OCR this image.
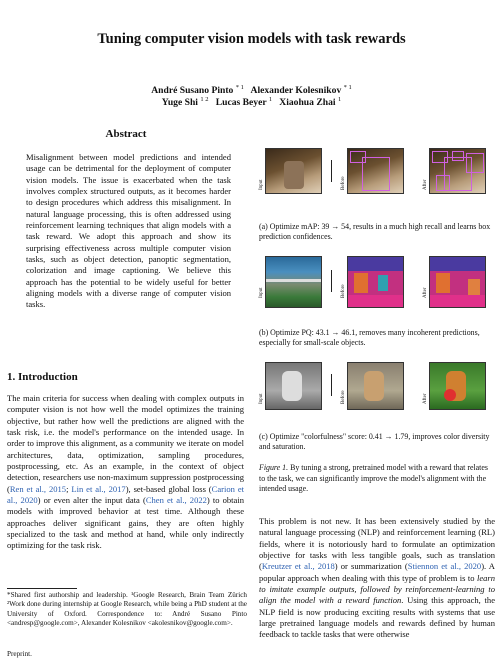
Tuning computer vision models with task rewards
André Susano Pinto $^{* 1}$ Alexander Kolesnikov $^{* 1}$
Yuge Shi $^{1 2}$ Lucas Beyer $^1$ Xiaohua Zhai $^1$
Abstract
Misalignment between model predictions and intended usage can be detrimental for the deployment of computer vision models. The issue is exacerbated when the task involves complex structured outputs, as it becomes harder to design procedures which address this misalignment. In natural language processing, this is often addressed using reinforcement learning techniques that align models with a task reward. We adopt this approach and show its surprising effectiveness across multiple computer vision tasks, such as object detection, panoptic segmentation, colorization and image captioning. We believe this approach has the potential to be widely useful for better aligning models with a diverse range of computer vision tasks.
1. Introduction
The main criteria for success when dealing with complex outputs in computer vision is not how well the model optimizes the training objective, but rather how well the predictions are aligned with the task risk, i.e. the model's performance on the intended usage. In order to improve this alignment, as a community we iterate on model architectures, data, optimization, sampling procedures, postprocessing, etc. As an example, in the context of object detection, researchers use non-maximum suppression postprocessing (Ren et al., 2015; Lin et al., 2017), set-based global loss (Carion et al., 2020) or even alter the input data (Chen et al., 2022) to obtain models with improved behavior at test time. Although these approaches deliver significant gains, they are often highly specialized to the task and method at hand, while only indirectly optimizing for the task risk.
*Shared first authorship and leadership. ¹Google Research, Brain Team Zürich ²Work done during internship at Google Research, while being a PhD student at the University of Oxford. Correspondence to: André Susano Pinto <andresp@google.com>, Alexander Kolesnikov <akolesnikov@google.com>.
Preprint.
Input	Before	After
(a) Optimize mAP: 39 → 54, results in a much high recall and learns box prediction confidences.
Input	Before	After
(b) Optimize PQ: 43.1 → 46.1, removes many incoherent predictions, especially for small-scale objects.
Input	Before	After
(c) Optimize "colorfulness" score: 0.41 → 1.79, improves color diversity and saturation.
Figure 1. By tuning a strong, pretrained model with a reward that relates to the task, we can significantly improve the model's alignment with the intended usage.
This problem is not new. It has been extensively studied by the natural language processing (NLP) and reinforcement learning (RL) fields, where it is notoriously hard to formulate an optimization objective for tasks with less tangible goals, such as translation (Kreutzer et al., 2018) or summarization (Stiennon et al., 2020). A popular approach when dealing with this type of problem is to learn to imitate example outputs, followed by reinforcement-learning to align the model with a reward function. Using this approach, the NLP field is now producing exciting results with systems that use large pretrained language models and rewards defined by human feedback to tackle tasks that were otherwise
